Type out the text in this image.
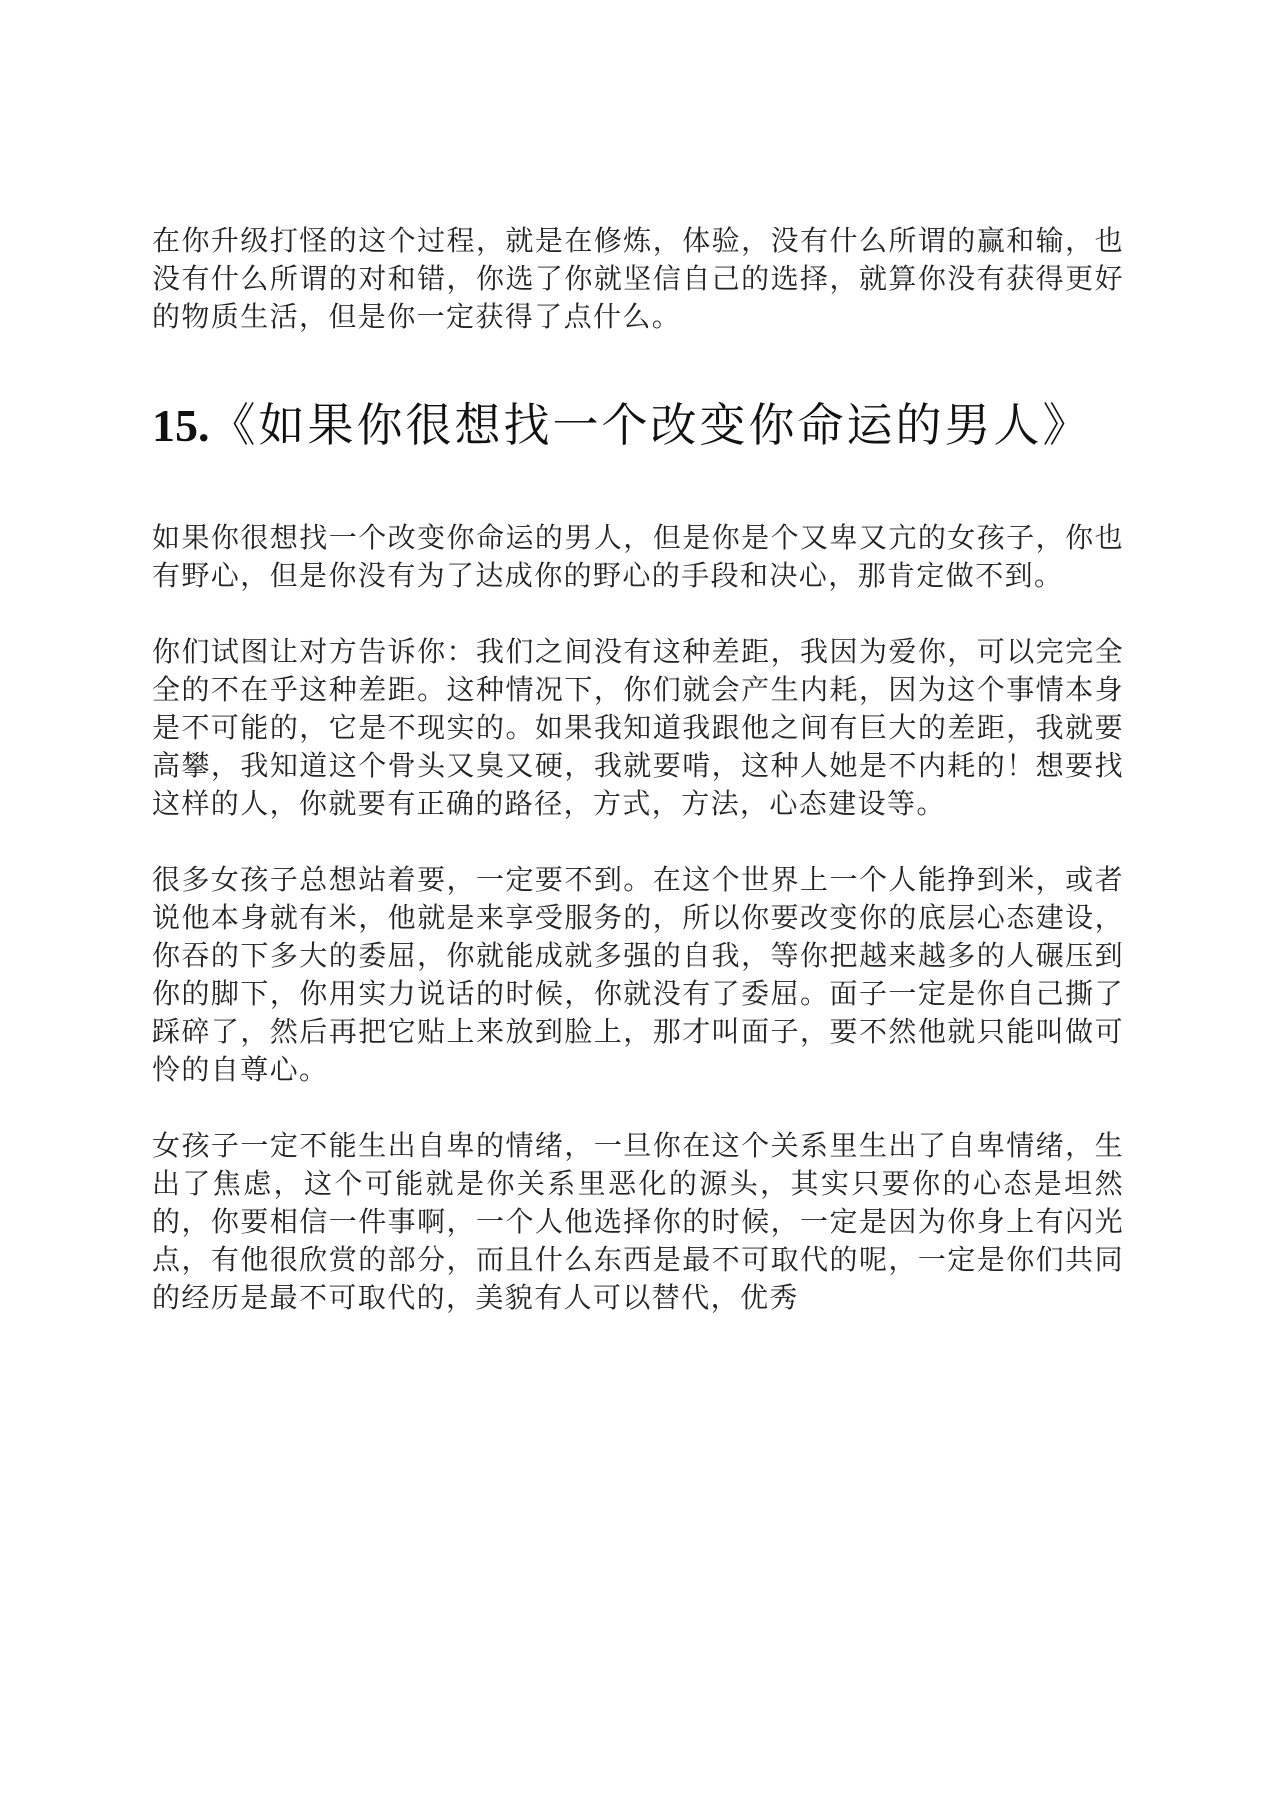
在你升级打怪的这个过程，就是在修炼，体验，没有什么所谓的赢和输，也没有什么所谓的对和错，你选了你就坚信自己的选择，就算你没有获得更好的物质生活，但是你一定获得了点什么。

15.《如果你很想找一个改变你命运的男人》

如果你很想找一个改变你命运的男人，但是你是个又卑又亢的女孩子，你也有野心，但是你没有为了达成你的野心的手段和决心，那肯定做不到。

你们试图让对方告诉你：我们之间没有这种差距，我因为爱你，可以完完全全的不在乎这种差距。这种情况下，你们就会产生内耗，因为这个事情本身是不可能的，它是不现实的。如果我知道我跟他之间有巨大的差距，我就要高攀，我知道这个骨头又臭又硬，我就要啃，这种人她是不内耗的！想要找这样的人，你就要有正确的路径，方式，方法，心态建设等。

很多女孩子总想站着要，一定要不到。在这个世界上一个人能挣到米，或者说他本身就有米，他就是来享受服务的，所以你要改变你的底层心态建设，你吞的下多大的委屈，你就能成就多强的自我，等你把越来越多的人碾压到你的脚下，你用实力说话的时候，你就没有了委屈。面子一定是你自己撕了踩碎了，然后再把它贴上来放到脸上，那才叫面子，要不然他就只能叫做可怜的自尊心。

女孩子一定不能生出自卑的情绪，一旦你在这个关系里生出了自卑情绪，生出了焦虑，这个可能就是你关系里恶化的源头，其实只要你的心态是坦然的，你要相信一件事啊，一个人他选择你的时候，一定是因为你身上有闪光点，有他很欣赏的部分，而且什么东西是最不可取代的呢，一定是你们共同的经历是最不可取代的，美貌有人可以替代，优秀
